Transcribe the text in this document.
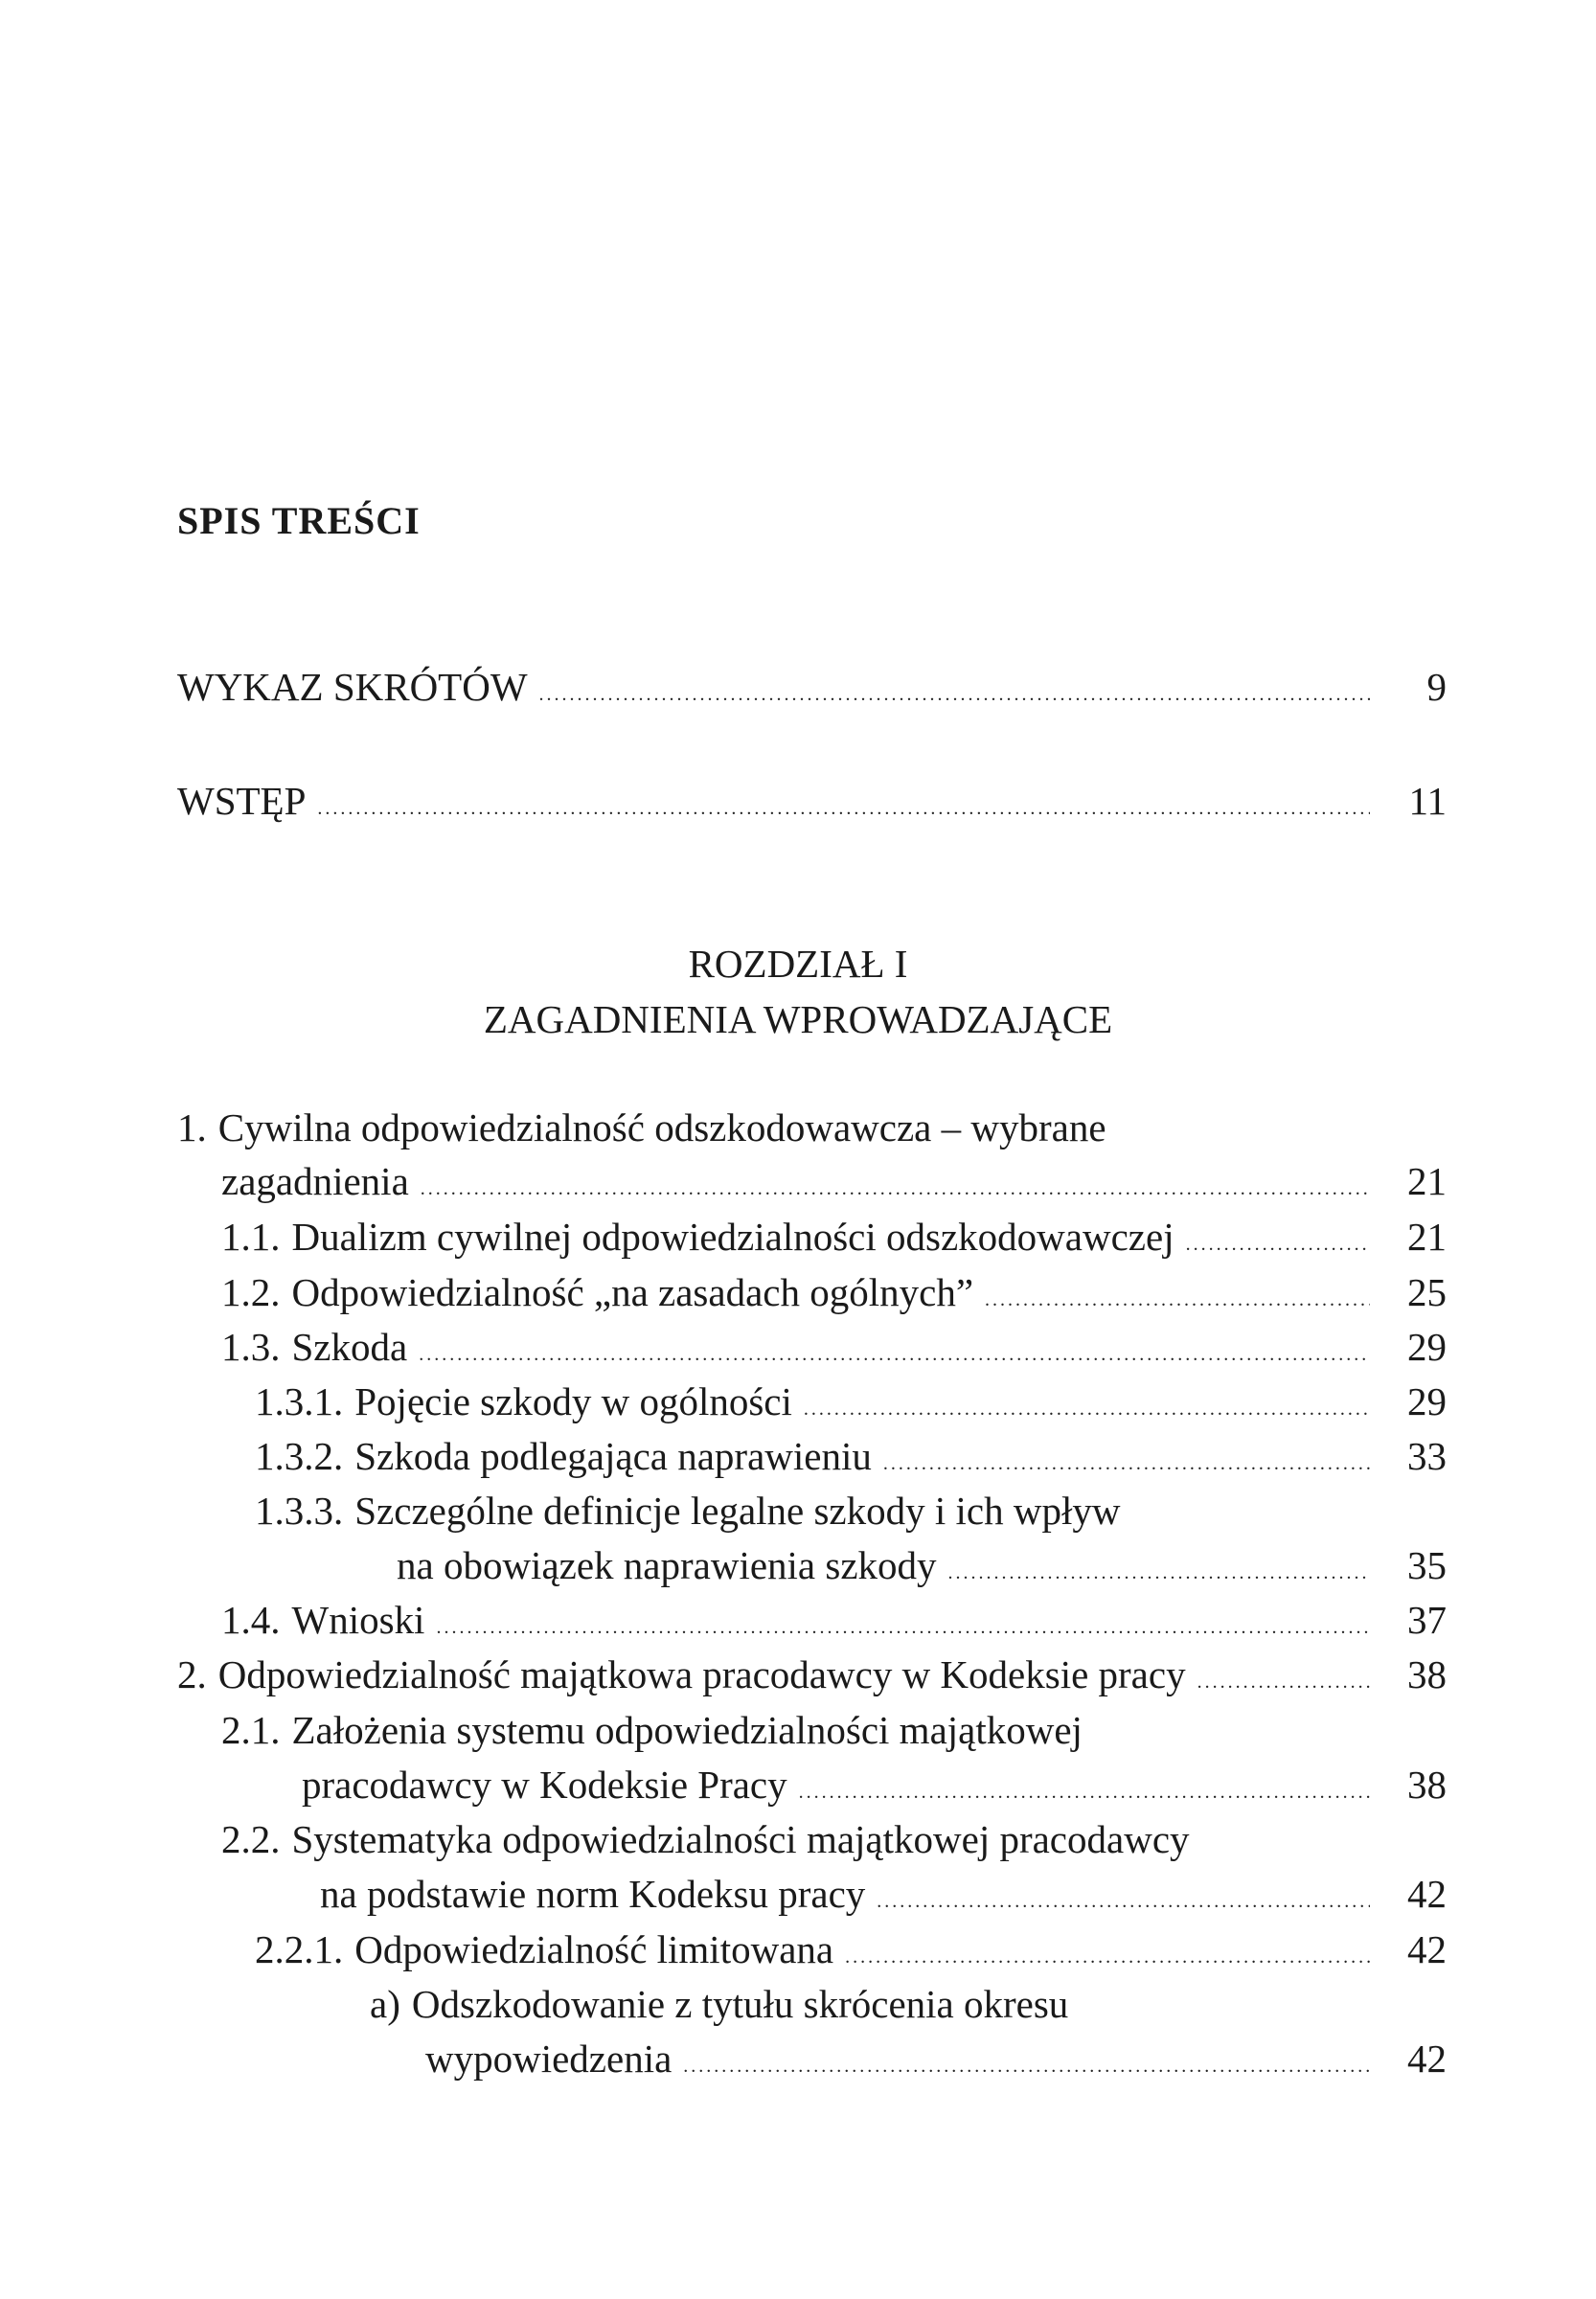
SPIS TREŚCI
WYKAZ SKRÓTÓW . . .	9
WSTĘP . . .	11
ROZDZIAŁ I
ZAGADNIENIA WPROWADZAJĄCE
1. Cywilna odpowiedzialność odszkodowawcza – wybrane
zagadnienia . . .	21
1.1. Dualizm cywilnej odpowiedzialności odszkodowawczej . . .	21
1.2. Odpowiedzialność „na zasadach ogólnych” . . .	25
1.3. Szkoda . . .	29
1.3.1. Pojęcie szkody w ogólności . . .	29
1.3.2. Szkoda podlegająca naprawieniu . . .	33
1.3.3. Szczególne definicje legalne szkody i ich wpływ
na obowiązek naprawienia szkody . . .	35
1.4. Wnioski . . .	37
2. Odpowiedzialność majątkowa pracodawcy w Kodeksie pracy . . .	38
2.1. Założenia systemu odpowiedzialności majątkowej
pracodawcy w Kodeksie Pracy . . .	38
2.2. Systematyka odpowiedzialności majątkowej pracodawcy
na podstawie norm Kodeksu pracy . . .	42
2.2.1. Odpowiedzialność limitowana . . .	42
a) Odszkodowanie z tytułu skrócenia okresu
wypowiedzenia . . .	42
